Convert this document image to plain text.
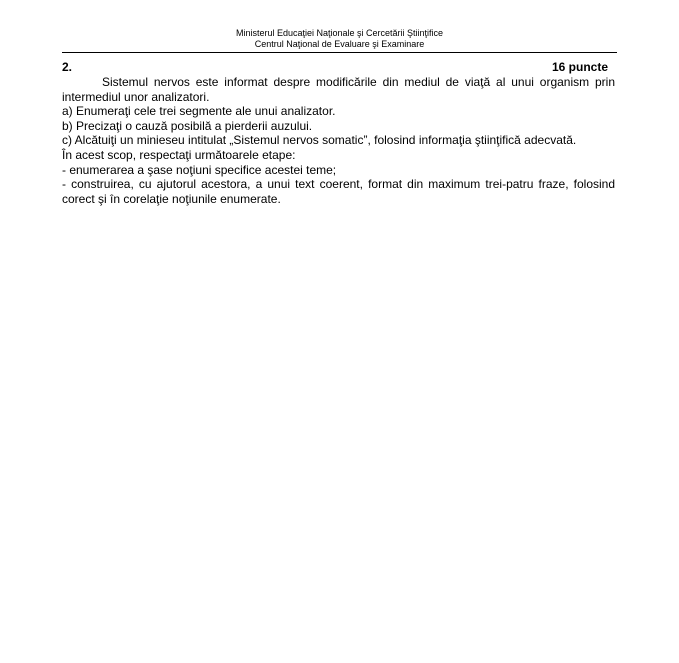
Ministerul Educaţiei Naţionale şi Cercetării Ştiinţifice
Centrul Naţional de Evaluare şi Examinare
2.	16 puncte

Sistemul nervos este informat despre modificările din mediul de viaţă al unui organism prin intermediul unor analizatori.

a) Enumeraţi cele trei segmente ale unui analizator.

b) Precizaţi o cauză posibilă a pierderii auzului.

c) Alcătuiţi un minieseu intitulat „Sistemul nervos somatic”, folosind informaţia ştiinţifică adecvată.

În acest scop, respectaţi următoarele etape:

- enumerarea a şase noţiuni specifice acestei teme;

- construirea, cu ajutorul acestora, a unui text coerent, format din maximum trei-patru fraze, folosind corect şi în corelaţie noţiunile enumerate.
